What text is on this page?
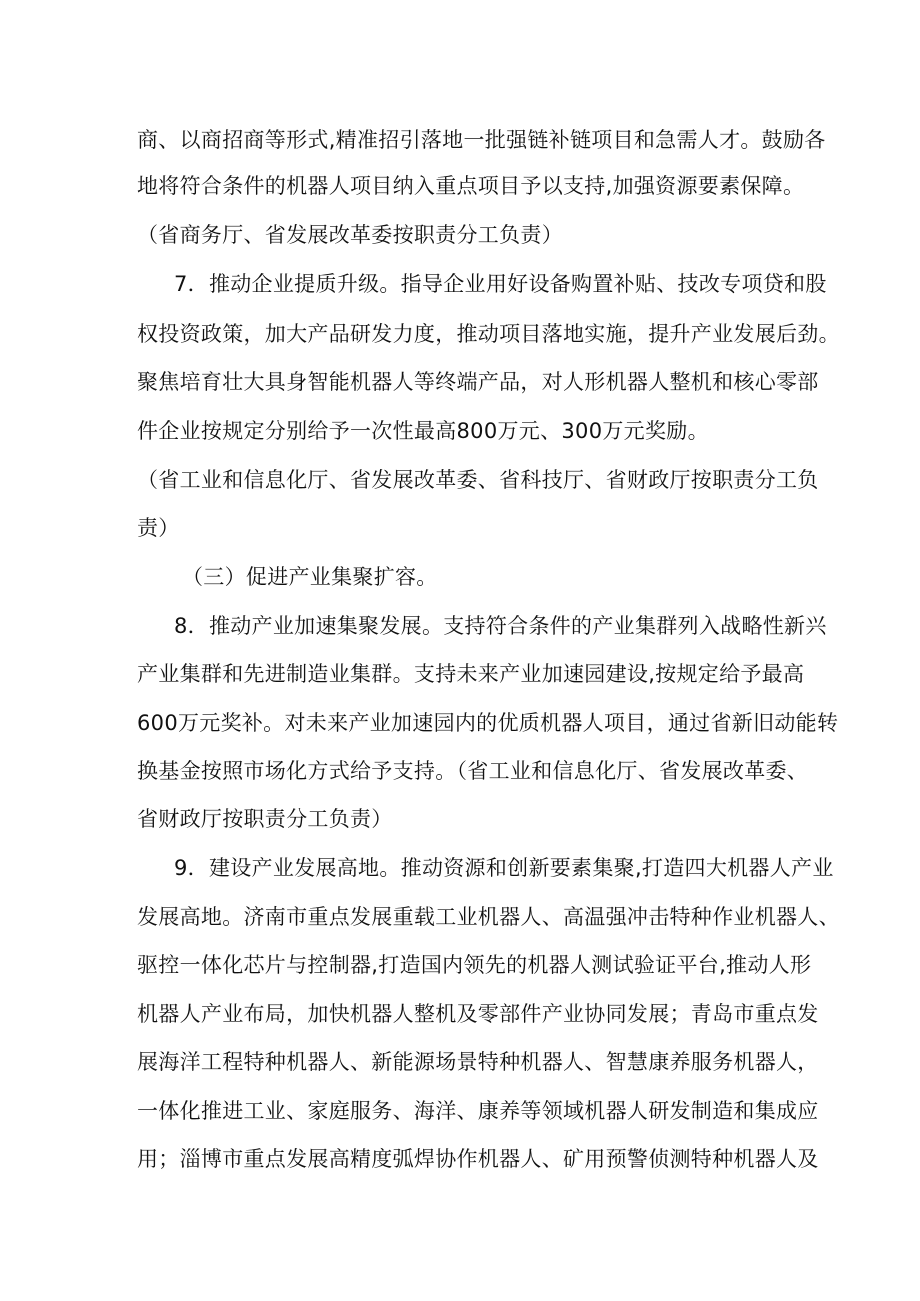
商、以商招商等形式,精准招引落地一批强链补链项目和急需人才。鼓励各
地将符合条件的机器人项目纳入重点项目予以支持,加强资源要素保障。
（省商务厅、省发展改革委按职责分工负责）
7．推动企业提质升级。指导企业用好设备购置补贴、技改专项贷和股
权投资政策，加大产品研发力度，推动项目落地实施，提升产业发展后劲。
聚焦培育壮大具身智能机器人等终端产品，对人形机器人整机和核心零部
件企业按规定分别给予一次性最高800万元、300万元奖励。
（省工业和信息化厅、省发展改革委、省科技厅、省财政厅按职责分工负
责）
（三）促进产业集聚扩容。
8．推动产业加速集聚发展。支持符合条件的产业集群列入战略性新兴
产业集群和先进制造业集群。支持未来产业加速园建设,按规定给予最高
600万元奖补。对未来产业加速园内的优质机器人项目，通过省新旧动能转
换基金按照市场化方式给予支持。（省工业和信息化厅、省发展改革委、
省财政厅按职责分工负责）
9．建设产业发展高地。推动资源和创新要素集聚,打造四大机器人产业
发展高地。济南市重点发展重载工业机器人、高温强冲击特种作业机器人、
驱控一体化芯片与控制器,打造国内领先的机器人测试验证平台,推动人形
机器人产业布局，加快机器人整机及零部件产业协同发展；青岛市重点发
展海洋工程特种机器人、新能源场景特种机器人、智慧康养服务机器人，
一体化推进工业、家庭服务、海洋、康养等领域机器人研发制造和集成应
用；淄博市重点发展高精度弧焊协作机器人、矿用预警侦测特种机器人及
